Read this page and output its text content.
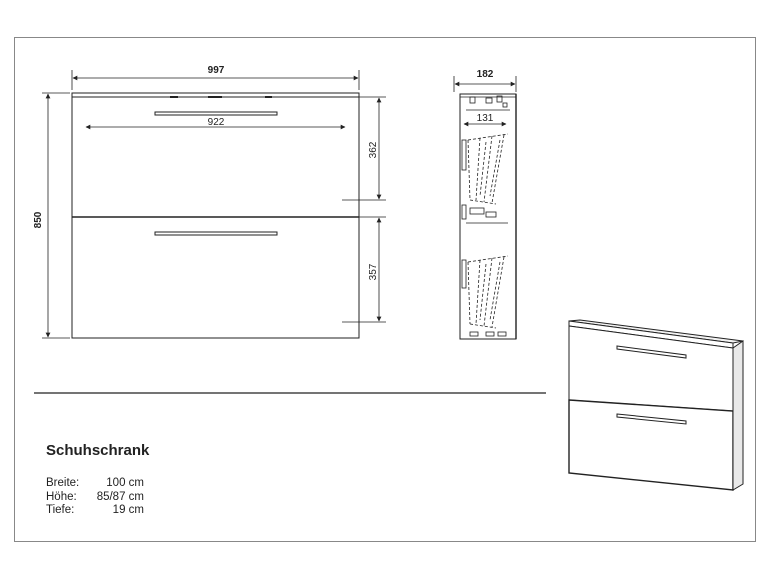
997
922
850
362
357
182
131
Schuhschrank
Breite:	100 cm
Höhe:	85/87 cm
Tiefe:	19 cm
